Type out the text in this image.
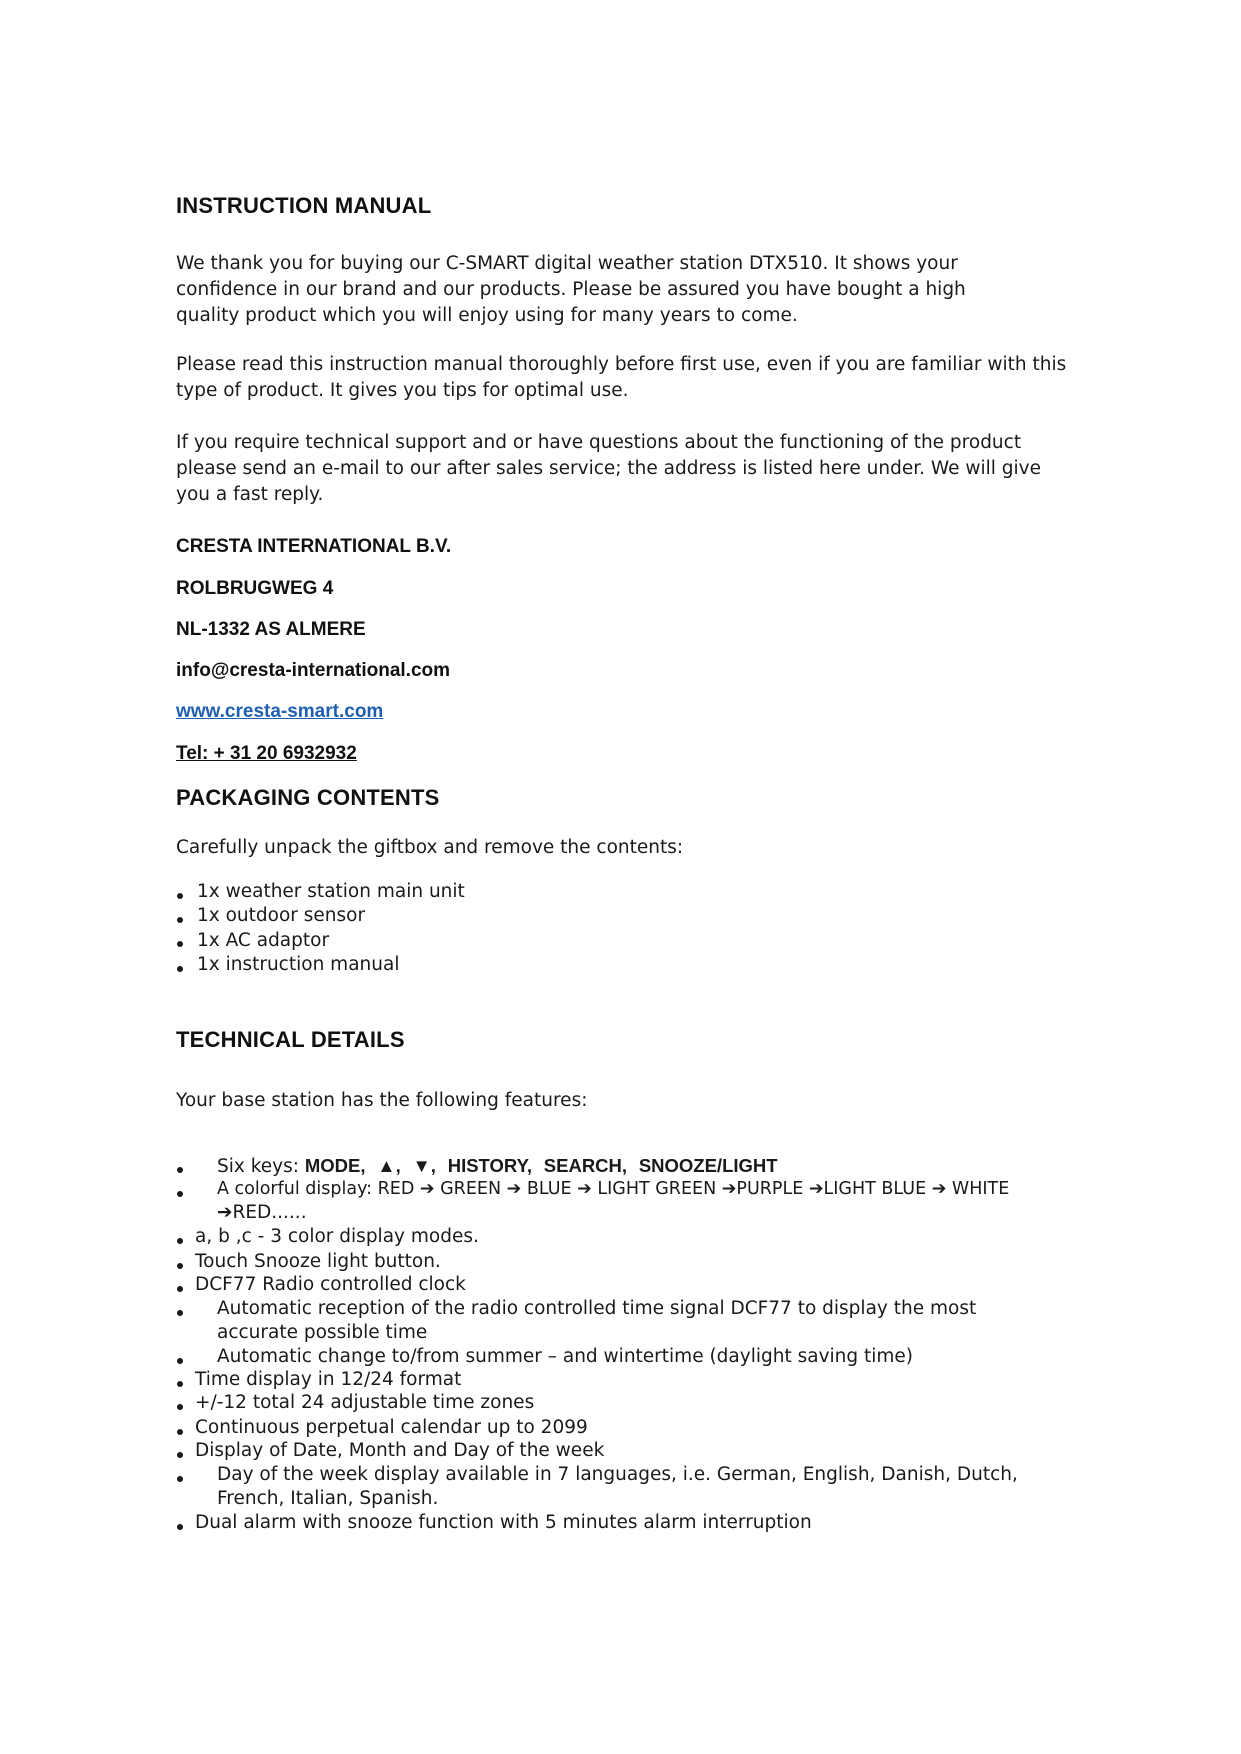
INSTRUCTION MANUAL
We thank you for buying our C-SMART digital weather station DTX510. It shows your
confidence in our brand and our products. Please be assured you have bought a high
quality product which you will enjoy using for many years to come.
Please read this instruction manual thoroughly before first use, even if you are familiar with this
type of product. It gives you tips for optimal use.
If you require technical support and or have questions about the functioning of the product
please send an e-mail to our after sales service; the address is listed here under. We will give
you a fast reply.
CRESTA INTERNATIONAL B.V.
ROLBRUGWEG 4
NL-1332 AS ALMERE
info@cresta-international.com
www.cresta-smart.com
Tel: + 31 20 6932932
PACKAGING CONTENTS
Carefully unpack the giftbox and remove the contents:
1x weather station main unit
1x outdoor sensor
1x AC adaptor
1x instruction manual
TECHNICAL DETAILS
Your base station has the following features:
Six keys: MODE, ▲, ▼, HISTORY, SEARCH, SNOOZE/LIGHT
A colorful display: RED ➔ GREEN ➔ BLUE ➔ LIGHT GREEN ➔PURPLE ➔LIGHT BLUE ➔ WHITE
➔RED......
a, b ,c - 3 color display modes.
Touch Snooze light button.
DCF77 Radio controlled clock
Automatic reception of the radio controlled time signal DCF77 to display the most
accurate possible time
Automatic change to/from summer – and wintertime (daylight saving time)
Time display in 12/24 format
+/-12 total 24 adjustable time zones
Continuous perpetual calendar up to 2099
Display of Date, Month and Day of the week
Day of the week display available in 7 languages, i.e. German, English, Danish, Dutch,
French, Italian, Spanish.
Dual alarm with snooze function with 5 minutes alarm interruption
